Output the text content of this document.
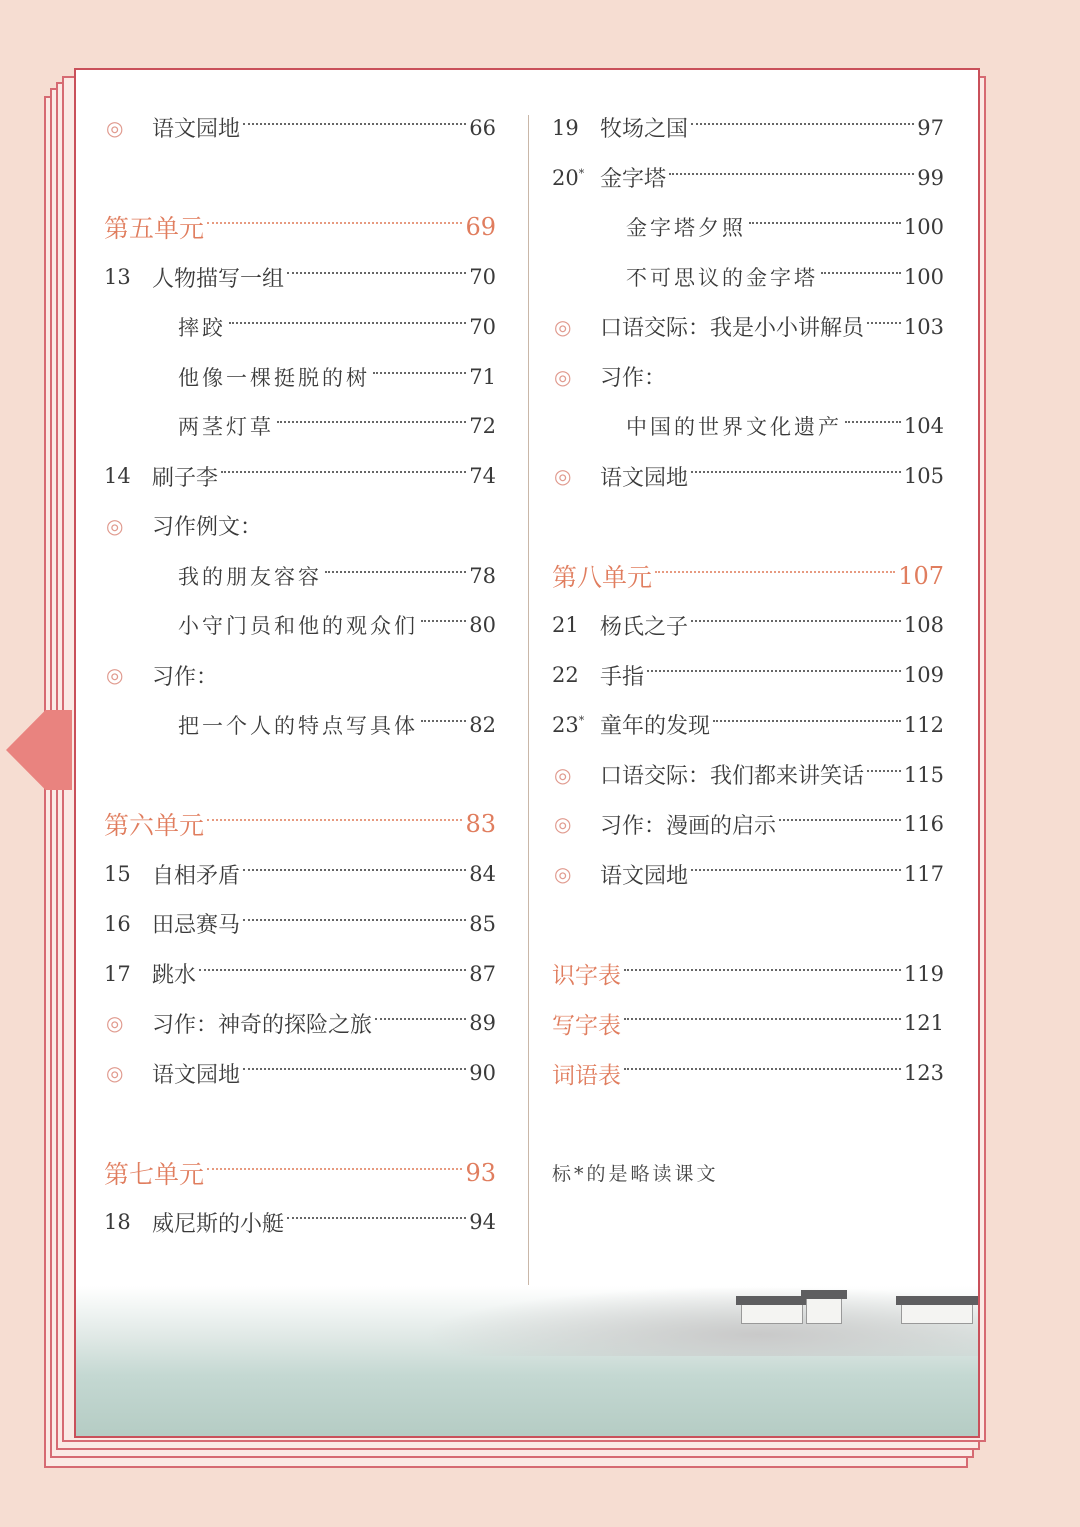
◎	语文园地	66
第五单元	69
13 人物描写一组	70
摔跤	70
他像一棵挺脱的树	71
两茎灯草	72
14 刷子李	74
◎	习作例文：
我的朋友容容	78
小守门员和他的观众们 80
◎	习作：
把一个人的特点写具体 82
第六单元	83
15 自相矛盾	84
16 田忌赛马	85
17 跳水	87
◎	习作：神奇的探险之旅	89
◎	语文园地	90
第七单元	93
18 威尼斯的小艇	94
19 牧场之国	97
20* 金字塔	99
金字塔夕照	100
不可思议的金字塔	100
◎	口语交际：我是小小讲解员 103
◎	习作：
中国的世界文化遗产	104
◎	语文园地	105
第八单元	107
21 杨氏之子	108
22 手指	109
23* 童年的发现	112
◎	口语交际：我们都来讲笑话 115
◎	习作：漫画的启示	116
◎	语文园地	117
识字表	119
写字表	121
词语表	123
标*的是略读课文
